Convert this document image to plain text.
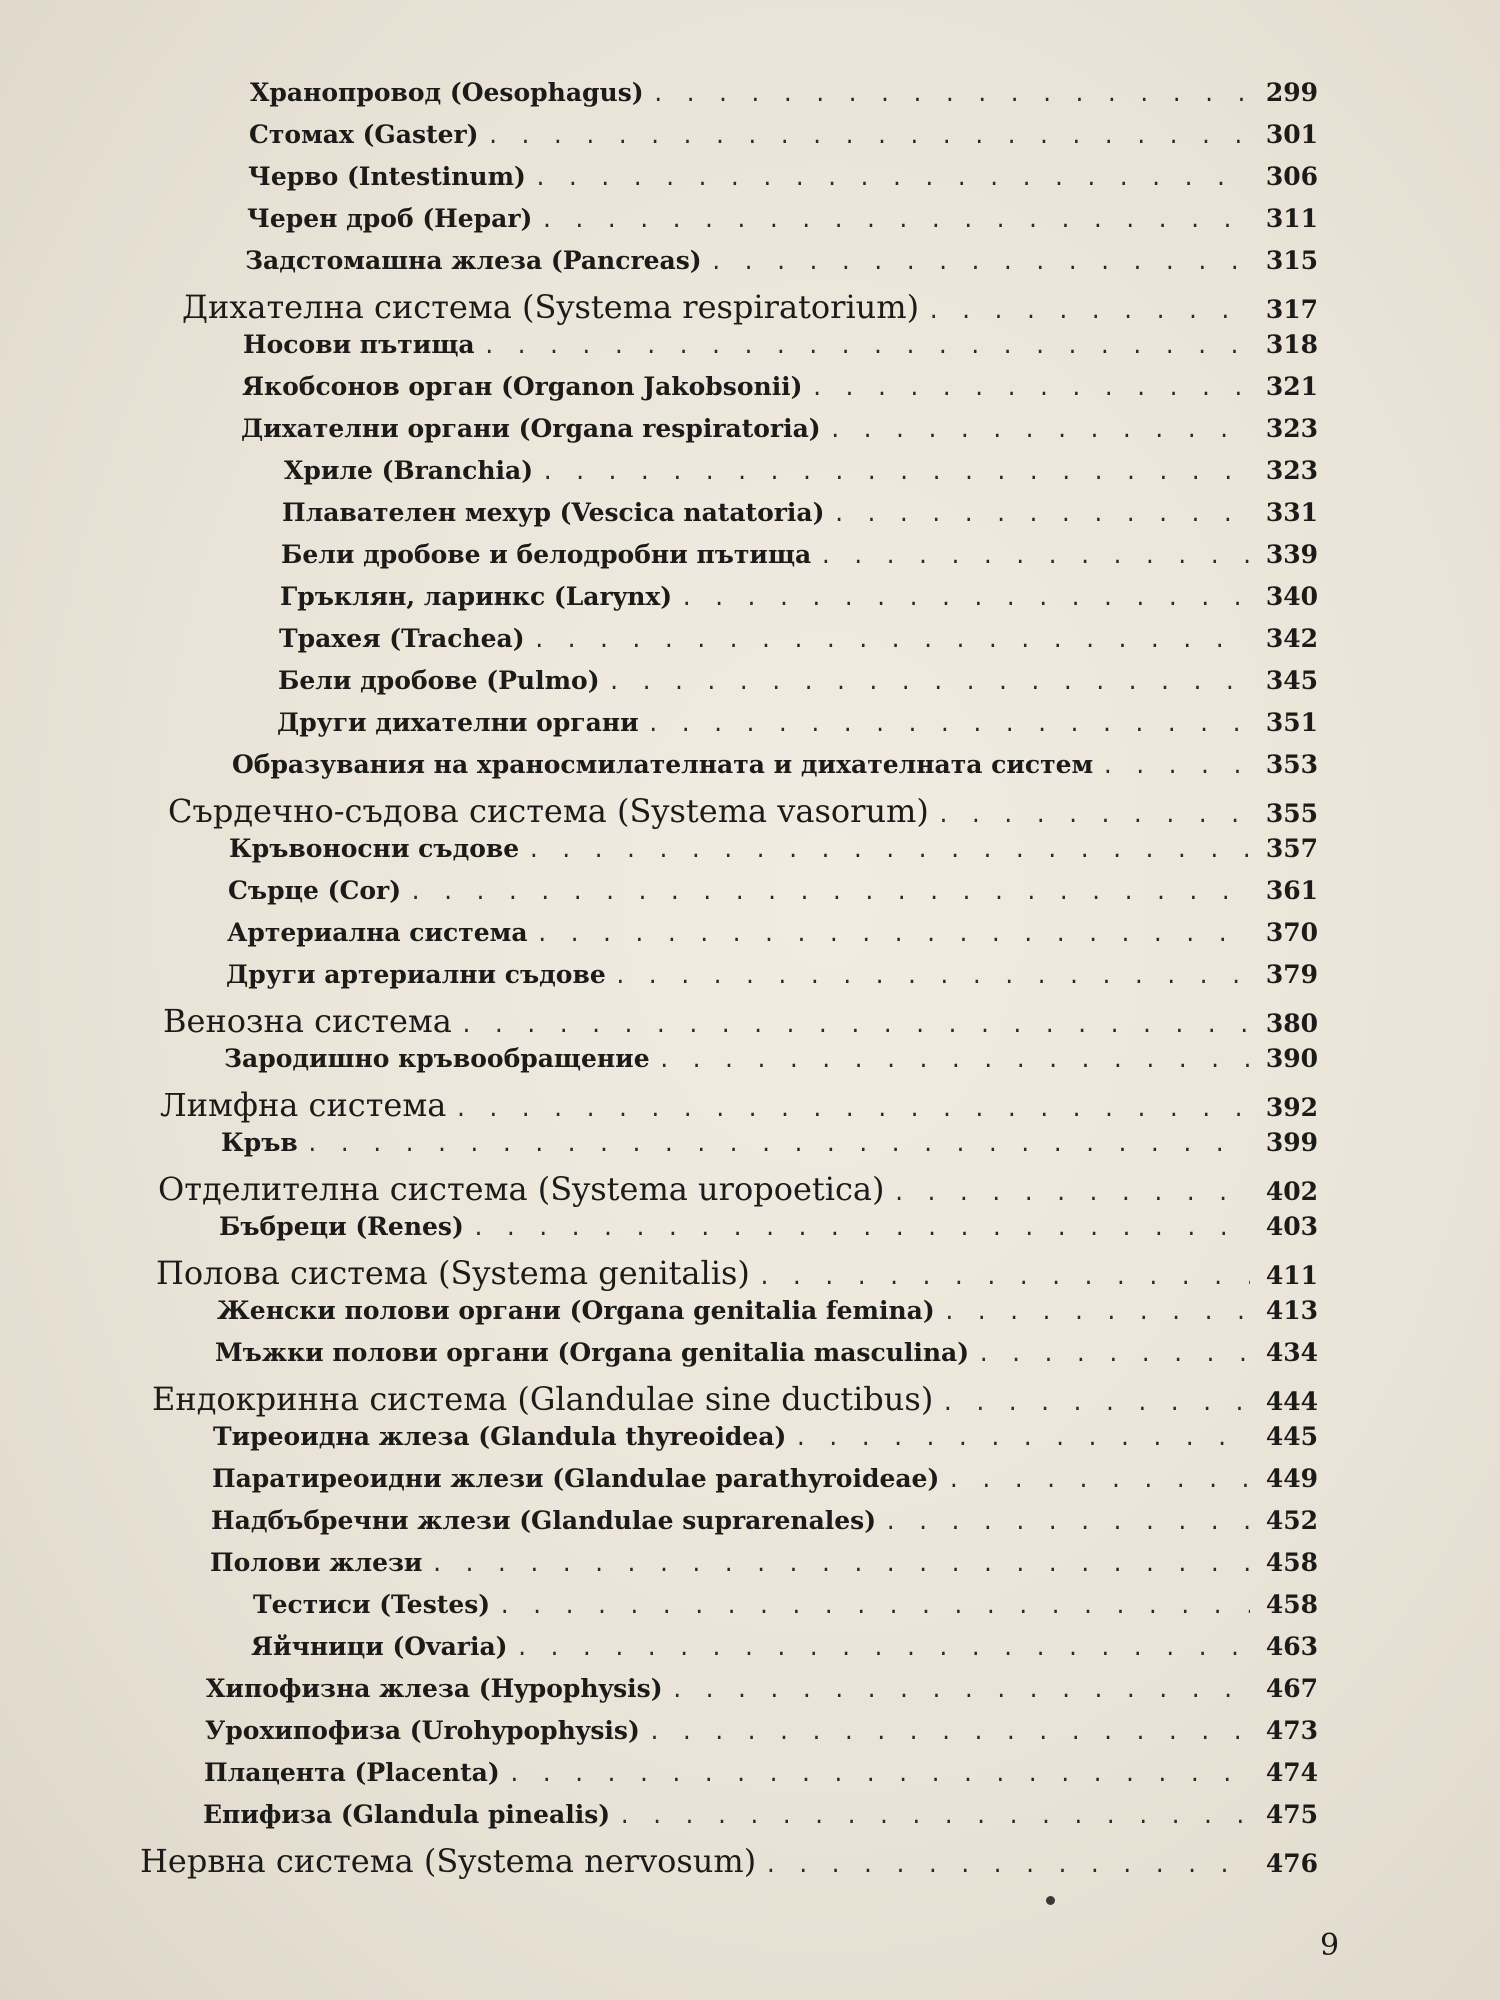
Хранопровод (Oesophagus) . . .	299
Стомах (Gaster) . . .	301
Черво (Intestinum) . . .	306
Черен дроб (Hepar) . . .	311
Задстомашна жлеза (Pancreas) . . .	315
Дихателна система (Systema respiratorium) . . .	317
Носови пътища . . .	318
Якобсонов орган (Organon Jakobsonii) . . .	321
Дихателни органи (Organa respiratoria) . . .	323
Хриле (Branchia) . . .	323
Плавателен мехур (Vescica natatoria) . . .	331
Бели дробове и белодробни пътища . . .	339
Гръклян, ларинкс (Larynx) . . .	340
Трахея (Trachea) . . .	342
Бели дробове (Pulmo) . . .	345
Други дихателни органи . . .	351
Образувания на храносмилателната и дихателната систем . . .	353
Сърдечно-съдова система (Systema vasorum) . . .	355
Кръвоносни съдове . . .	357
Сърце (Cor) . . .	361
Артериална система . . .	370
Други артериални съдове . . .	379
Венозна система . . .	380
Зародишно кръвообращение . . .	390
Лимфна система . . .	392
Кръв . . .	399
Отделителна система (Systema uropoetica) . . .	402
Бъбреци (Renes) . . .	403
Полова система (Systema genitalis) . . .	411
Женски полови органи (Organa genitalia femina) . . .	413
Мъжки полови органи (Organa genitalia masculina) . . .	434
Ендокринна система (Glandulae sine ductibus) . . .	444
Тиреоидна жлеза (Glandula thyreoidea) . . .	445
Паратиреоидни жлези (Glandulae parathyroideae) . . .	449
Надбъбречни жлези (Glandulae suprarenales) . . .	452
Полови жлези . . .	458
Тестиси (Testes) . . .	458
Яйчници (Ovaria) . . .	463
Хипофизна жлеза (Hypophysis) . . .	467
Урохипофиза (Urohypophysis) . . .	473
Плацента (Placenta) . . .	474
Епифиза (Glandula pinealis) . . .	475
Нервна система (Systema nervosum) . . .	476
9
